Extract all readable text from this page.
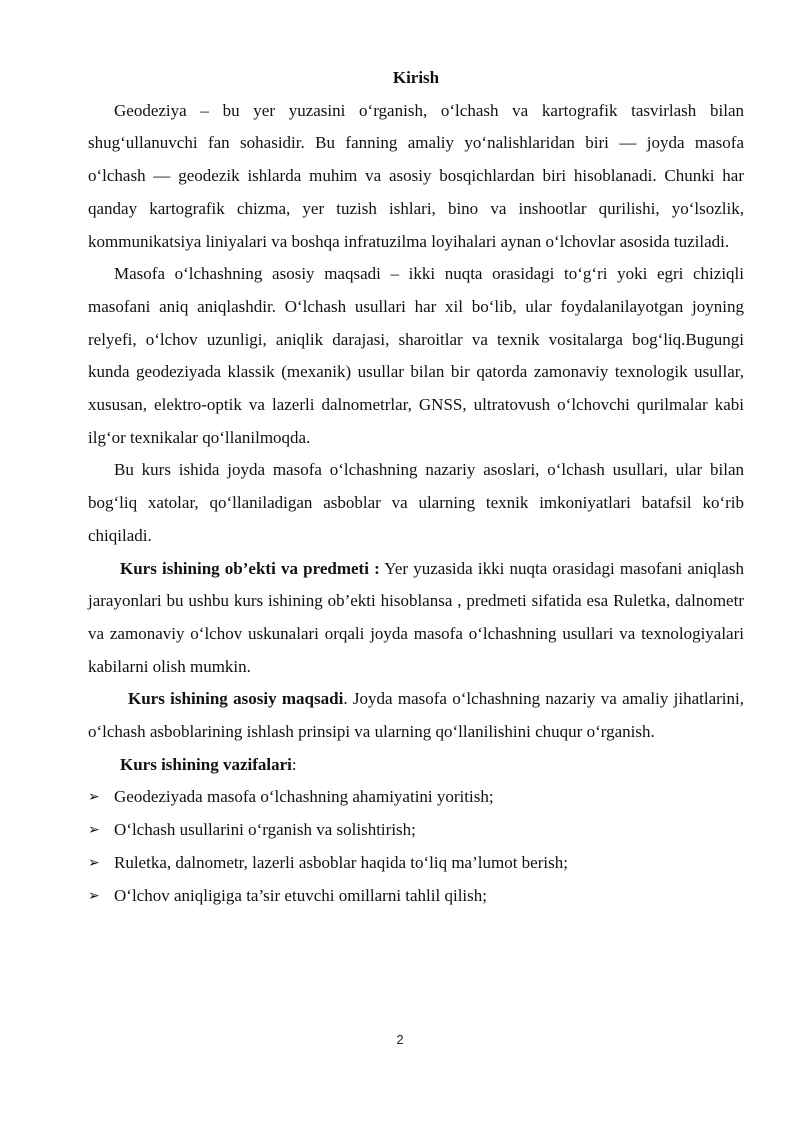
Kirish

Geodeziya – bu yer yuzasini o‘rganish, o‘lchash va kartografik tasvirlash bilan shug‘ullanuvchi fan sohasidir. Bu fanning amaliy yo‘nalishlaridan biri — joyda masofa o‘lchash — geodezik ishlarda muhim va asosiy bosqichlardan biri hisoblanadi. Chunki har qanday kartografik chizma, yer tuzish ishlari, bino va inshootlar qurilishi, yo‘lsozlik, kommunikatsiya liniyalari va boshqa infratuzilma loyihalari aynan o‘lchovlar asosida tuziladi.

Masofa o‘lchashning asosiy maqsadi – ikki nuqta orasidagi to‘g‘ri yoki egri chiziqli masofani aniq aniqlashdir. O‘lchash usullari har xil bo‘lib, ular foydalanilayotgan joyning relyefi, o‘lchov uzunligi, aniqlik darajasi, sharoitlar va texnik vositalarga bog‘liq.Bugungi kunda geodeziyada klassik (mexanik) usullar bilan bir qatorda zamonaviy texnologik usullar, xususan, elektro-optik va lazerli dalnometrlar, GNSS, ultratovush o‘lchovchi qurilmalar kabi ilg‘or texnikalar qo‘llanilmoqda.

Bu kurs ishida joyda masofa o‘lchashning nazariy asoslari, o‘lchash usullari, ular bilan bog‘liq xatolar, qo‘llaniladigan asboblar va ularning texnik imkoniyatlari batafsil ko‘rib chiqiladi.

Kurs ishining ob’ekti va predmeti : Yer yuzasida ikki nuqta orasidagi masofani aniqlash jarayonlari bu ushbu kurs ishining ob’ekti hisoblansa , predmeti sifatida esa Ruletka, dalnometr va zamonaviy o‘lchov uskunalari orqali joyda masofa o‘lchashning usullari va texnologiyalari kabilarni olish mumkin.

Kurs ishining asosiy maqsadi. Joyda masofa o‘lchashning nazariy va amaliy jihatlarini, o‘lchash asboblarining ishlash prinsipi va ularning qo‘llanilishini chuqur o‘rganish.

Kurs ishining vazifalari:

➢ Geodeziyada masofa o‘lchashning ahamiyatini yoritish;
➢ O‘lchash usullarini o‘rganish va solishtirish;
➢ Ruletka, dalnometr, lazerli asboblar haqida to‘liq ma’lumot berish;
➢ O‘lchov aniqligiga ta’sir etuvchi omillarni tahlil qilish;
2
